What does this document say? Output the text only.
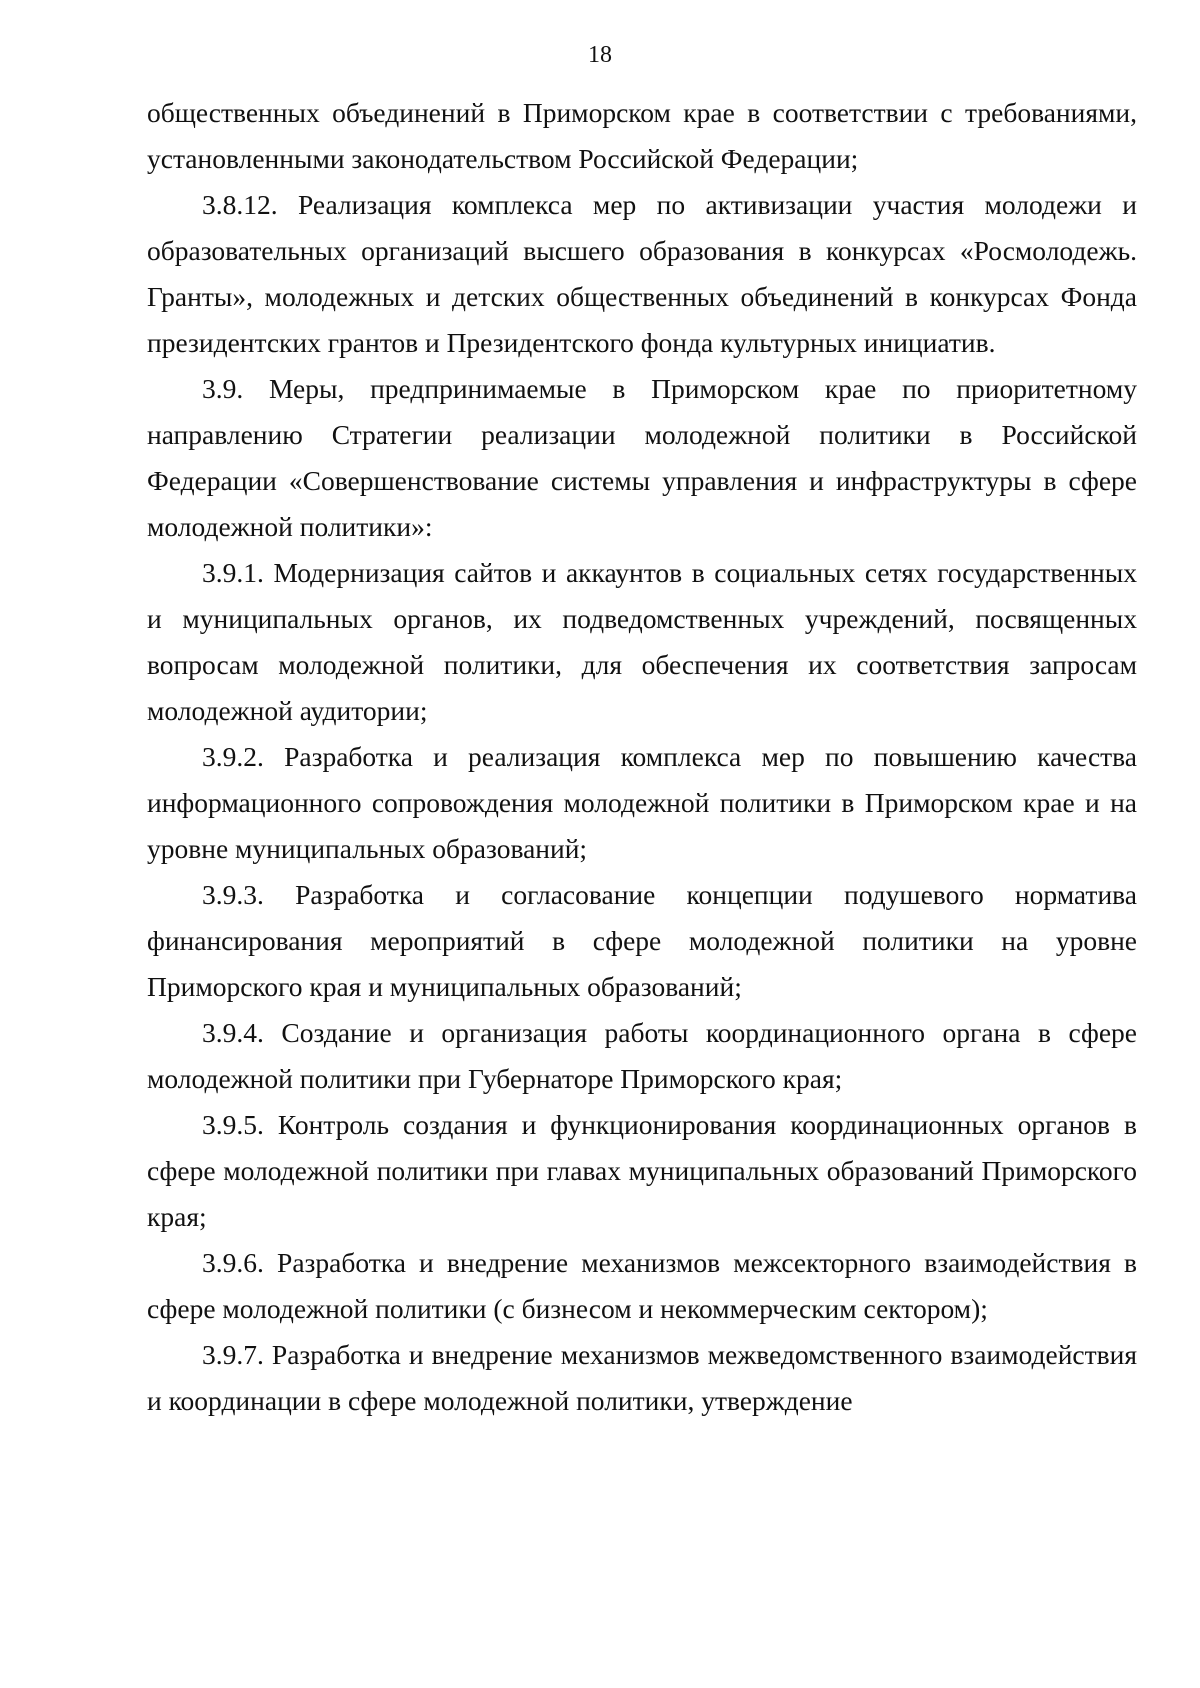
18

общественных объединений в Приморском крае в соответствии с требованиями, установленными законодательством Российской Федерации;

3.8.12. Реализация комплекса мер по активизации участия молодежи и образовательных организаций высшего образования в конкурсах «Росмолодежь. Гранты», молодежных и детских общественных объединений в конкурсах Фонда президентских грантов и Президентского фонда культурных инициатив.

3.9. Меры, предпринимаемые в Приморском крае по приоритетному направлению Стратегии реализации молодежной политики в Российской Федерации «Совершенствование системы управления и инфраструктуры в сфере молодежной политики»:

3.9.1. Модернизация сайтов и аккаунтов в социальных сетях государственных и муниципальных органов, их подведомственных учреждений, посвященных вопросам молодежной политики, для обеспечения их соответствия запросам молодежной аудитории;

3.9.2. Разработка и реализация комплекса мер по повышению качества информационного сопровождения молодежной политики в Приморском крае и на уровне муниципальных образований;

3.9.3. Разработка и согласование концепции подушевого норматива финансирования мероприятий в сфере молодежной политики на уровне Приморского края и муниципальных образований;

3.9.4. Создание и организация работы координационного органа в сфере молодежной политики при Губернаторе Приморского края;

3.9.5. Контроль создания и функционирования координационных органов в сфере молодежной политики при главах муниципальных образований Приморского края;

3.9.6. Разработка и внедрение механизмов межсекторного взаимодействия в сфере молодежной политики (с бизнесом и некоммерческим сектором);

3.9.7. Разработка и внедрение механизмов межведомственного взаимодействия и координации в сфере молодежной политики, утверждение
